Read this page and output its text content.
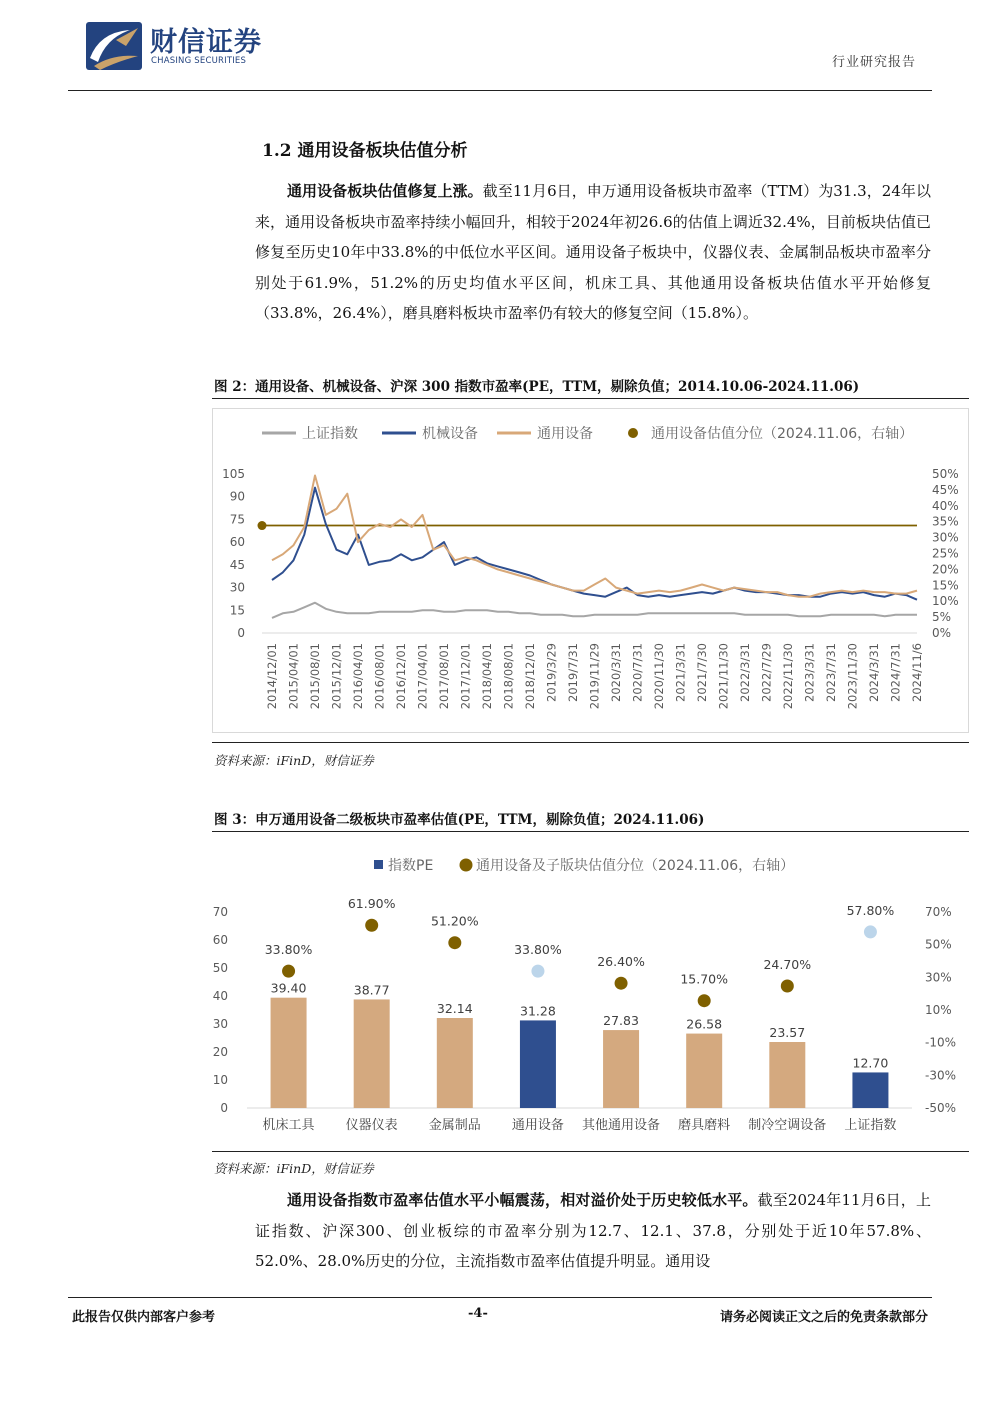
财信证券
CHASING SECURITIES	行业研究报告
1.2 通用设备板块估值分析
通用设备板块估值修复上涨。截至11月6日，申万通用设备板块市盈率（TTM）为31.3，24年以来，通用设备板块市盈率持续小幅回升，相较于2024年初26.6的估值上调近32.4%，目前板块估值已修复至历史10年中33.8%的中低位水平区间。通用设备子板块中，仪器仪表、金属制品板块市盈率分别处于61.9%，51.2%的历史均值水平区间，机床工具、其他通用设备板块估值水平开始修复（33.8%，26.4%），磨具磨料板块市盈率仍有较大的修复空间（15.8%）。
图 2：通用设备、机械设备、沪深 300 指数市盈率(PE，TTM，剔除负值；2014.10.06-2024.11.06)
上证指数	机械设备	通用设备	通用设备估值分位（2024.11.06，右轴）
105
90
75
60
45
30
15
0
50%
45%
40%
35%
30%
25%
20%
15%
10%
5%
0%
2014/12/01 2015/04/01 2015/08/01 2015/12/01 2016/04/01 2016/08/01 2016/12/01 2017/04/01 2017/08/01 2017/12/01 2018/04/01 2018/08/01 2018/12/01 2019/3/29 2019/7/31 2019/11/29 2020/3/31 2020/7/31 2020/11/30 2021/3/31 2021/7/30 2021/11/30 2022/3/31 2022/7/29 2022/11/30 2023/3/31 2023/7/31 2023/11/30 2024/3/31 2024/7/31 2024/11/6
资料来源：iFinD，财信证券
图 3：申万通用设备二级板块市盈率估值(PE，TTM，剔除负值；2024.11.06)
指数PE	通用设备及子版块估值分位（2024.11.06，右轴）
70
60
50
40
30
20
10
0
70%
50%
30%
10%
-10%
-30%
-50%
39.40
33.80%
机床工具
38.77
61.90%
仪器仪表
32.14
51.20%
金属制品
31.28
33.80%
通用设备
27.83
26.40%
其他通用设备
26.58
15.70%
磨具磨料
23.57
24.70%
制冷空调设备
12.70
57.80%
上证指数
资料来源：iFinD，财信证券
通用设备指数市盈率估值水平小幅震荡，相对溢价处于历史较低水平。截至2024年11月6日，上证指数、沪深300、创业板综的市盈率分别为12.7、12.1、37.8，分别处于近10年57.8%、52.0%、28.0%历史的分位，主流指数市盈率估值提升明显。通用设
此报告仅供内部客户参考	-4-	请务必阅读正文之后的免责条款部分
